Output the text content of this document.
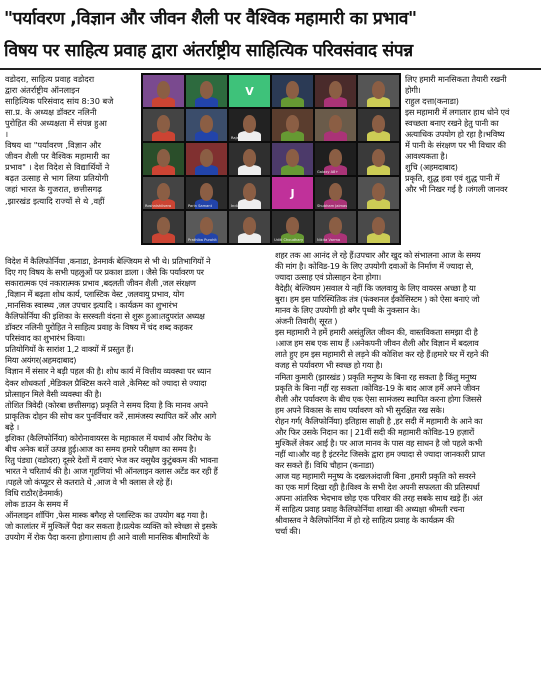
"पर्यावरण ,विज्ञान और जीवन शैली पर वैश्विक महामारी का प्रभाव"
विषय पर साहित्य प्रवाह द्वारा अंतर्राष्ट्रीय साहित्यिक परिवसंवाद संपन्न

वडोदरा, साहित्य प्रवाह वडोदरा

द्वारा अंतर्राष्ट्रीय ऑनलाइन

साहित्यिक परिसंवाद सांय 8:30 बजे

सा.प्र. के अध्यक्ष डॉक्टर नलिनी

पुरोहित की अध्यक्षता में संपन्न हुआ

।

विषय था "पर्यावरण ,विज्ञान और

जीवन शैली पर वैश्विक महामारी का

प्रभाव" । देश विदेश से विद्यार्थियों ने

बढ़त उत्साह से भाग लिया प्रतियोगी

जहां भारत के गुजरात, छत्तीसगढ़

,झारखंड इत्यादि राज्यों से थे ,वहीं

V
Rajesh
Galaxy A8+
Roshnishilvera	Parin Samant	India Garg
J
Shubham Jaimas
Prathiba Purohit	Uditi Choudhary	Nikita Varma

लिए हमारी मानसिकता तैयारी रखनी

होगी।

राहुल दत्ता(कनाडा)

इस महामारी में लगातार हाथ धोने एवं

स्वच्छता बनाए रखने हेतु पानी का

अत्याधिक उपयोग हो रहा है।भविष्य

में पानी के संरक्षण पर भी विचार की

आवश्यकता है।

शुचि (अहमदाबाद)

प्रकृति, शुद्ध हवा एवं शुद्ध पानी में

और भी निखर गई है ।जंगली जानवर

विदेश में कैलिफोर्निया ,कनाडा, डेनमार्क बेल्जियम से भी थे। प्रतिभागियों ने

दिए गए विषय के सभी पहलुओं पर प्रकाश डाला । जैसे कि पर्यावरण पर

सकारात्मक एवं नकारात्मक प्रभाव ,बदलती जीवन शैली ,जल संरक्षण

,विज्ञान में बढ़ता शोध कार्य, प्लास्टिक वेस्ट ,जलवायु प्रभाव, योग

,मानसिक स्वास्थ्य ,जल उपचार इत्यादि । कार्यक्रम का शुभारंभ

कैलिफोर्निया की इशिका के सरस्वती वंदना से शुरू हुआ।तदुपरांत अध्यक्ष

डॉक्टर नलिनी पुरोहित ने साहित्य प्रवाह के विषय में चंद शब्द कहकर

परिसंवाद का शुभारंभ किया।

प्रतियोगियों के सारांश 1,2 वाक्यों में प्रस्तुत हैं।

मिया अयंगर(अहमदाबाद)

विज्ञान में संसार ने बड़ी पहल की है। शोध कार्य में वित्तीय व्यवस्था पर ध्यान

देकर शोधकर्ता ,मेडिकल प्रैक्टिस करने वाले ,केमिस्ट को ज्यादा से ज्यादा

प्रोत्साहन मिले वैसी व्यवस्था की है।

तोशित त्रिवेदी (कोरबा छत्तीसगढ़) प्रकृति ने समय दिया है कि मानव अपने

प्राकृतिक दोहन की सोच कर पुनर्विचार करें ,सामंजस्य स्थापित करें और आगे

बढ़े ।

इशिका (कैलिफोर्निया) कोरोनावायरस के महाकाल में यथार्थ और विरोध के

बीच अनेक बातें उत्पन्न हुई।आज का समय हमारे परीक्षण का समय है।

रितु पंड्या (वडोदरा) दूसरे देशों में दवाएं भेज कर वसुधैव कुटुंबकम की भावना

भारत ने चरितार्थ की है। आज गृहणियां भी ऑनलाइन क्लास अटेंड कर रही हैं

।पहले जो कंप्यूटर से कतराते थे ,आज वे भी क्लास ले रहे हैं।

विधि राठौर(डेनमार्क)

लोक डाउन के समय में

ऑनलाइन शॉपिंग ,फेस मास्क बगैरह से प्लास्टिक का उपयोग बढ़ गया है।

जो कालांतर में मुश्किलें पैदा कर सकता है।प्रत्येक व्यक्ति को स्वेच्छा से इसके

उपयोग में रोक पैदा करना होगा।साथ ही आने वाली मानसिक बीमारियों के

शहर तक आ आनंद ले रहे हैं।उपचार और खुद को संभालना आज के समय

की मांग है। कोविड-19 के लिए उपयोगी दवाओं के निर्माण में ज्यादा से,

ज्यादा उत्साह एवं प्रोत्साहन देना होगा।

वैदेही( बेल्जियम )सवाल ये नहीं कि जलवायु के लिए वायरस अच्छा है या

बुरा। हम इस पारिस्थितिक तंत्र (फंक्शनल ईकोसिस्टम ) को ऐसा बनाएं जो

मानव के लिए उपयोगी हो बगैर पृथ्वी के नुकसान के।

अंजनी तिवारी( सूरत )

इस महामारी ने हमें हमारी असंतुलित जीवन की, वास्तविकता समझा दी है

।आज हम सब एक साथ हैं ।अनेकपनी जीवन शैली और विज्ञान में बदलाव

लाते हुए हम इस महामारी से लड़ने की कोशिश कर रहे हैं।हमारे घर में रहने की

वजह से पर्यावरण भी स्वच्छ हो गया है।

नमिता कुमारी (झारखंड ) प्रकृति मनुष्य के बिना रह सकता है किंतु मनुष्य

प्रकृति के बिना नहीं रह सकता ।कोविड-19 के बाद आज हमें अपने जीवन

शैली और पर्यावरण के बीच एक ऐसा सामंजस्य स्थापित करना होगा जिससे

हम अपने विकास के साथ पर्यावरण को भी सुरक्षित रख सके।

रोहन गर्ग( कैलिफोर्निया) इतिहास साक्षी है ,हर सदी में महामारी के आने का

और फिर उसके निदान का | 21वीं सदी की महामारी कोविड-19 हज़ारों

मुश्किलें लेकर आई है। पर आज मानव के पास वह साधन है जो पहले कभी

नहीं था।और वह है इंटरनेट जिसके द्वारा हम ज्यादा से ज्यादा जानकारी प्राप्त

कर सकते हैं। विधि चौहान (कनाडा)

आज यह महामारी मनुष्य के दखलअंदाजी बिना ,हमारी प्रकृति को सवरने

का एक मार्ग दिखा रही है।विश्व के सभी देश अपनी सफलता की प्रतिस्पर्धा

अपना आंतरिक भेदभाव छोड़ एक परिवार की तरह सबके साथ खड़े हैं। अंत

में साहित्य प्रवाह प्रवाह कैलिफोर्निया शाखा की अध्यक्षा श्रीमती रचना

श्रीवास्तव ने कैलिफोर्निया में हो रहे साहित्य प्रवाह के कार्यक्रम की

चर्चा की।
